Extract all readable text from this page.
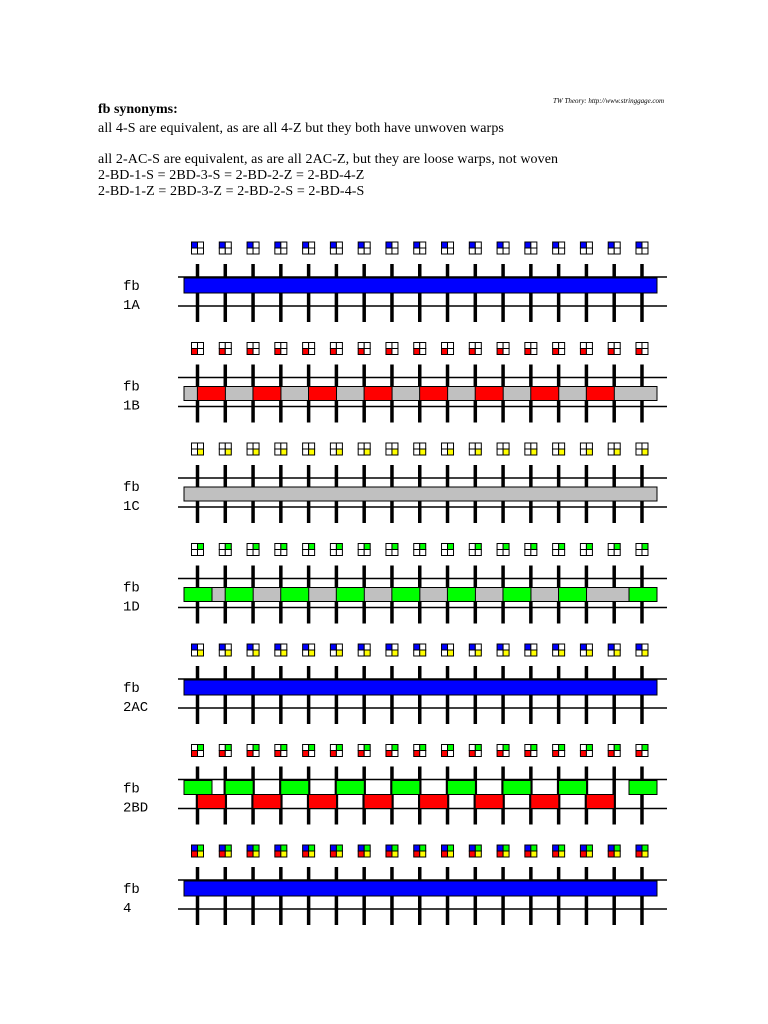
TW Theory: http://www.stringgage.com
fb synonyms:
all 4-S are equivalent, as are all 4-Z but they both have unwoven warps
all 2-AC-S are equivalent, as are all 2AC-Z, but they are loose warps, not woven
2-BD-1-S = 2BD-3-S = 2-BD-2-Z = 2-BD-4-Z
2-BD-1-Z = 2BD-3-Z = 2-BD-2-S = 2-BD-4-S
fb
1A
fb
1B
fb
1C
fb
1D
fb
2AC
fb
2BD
fb
4
